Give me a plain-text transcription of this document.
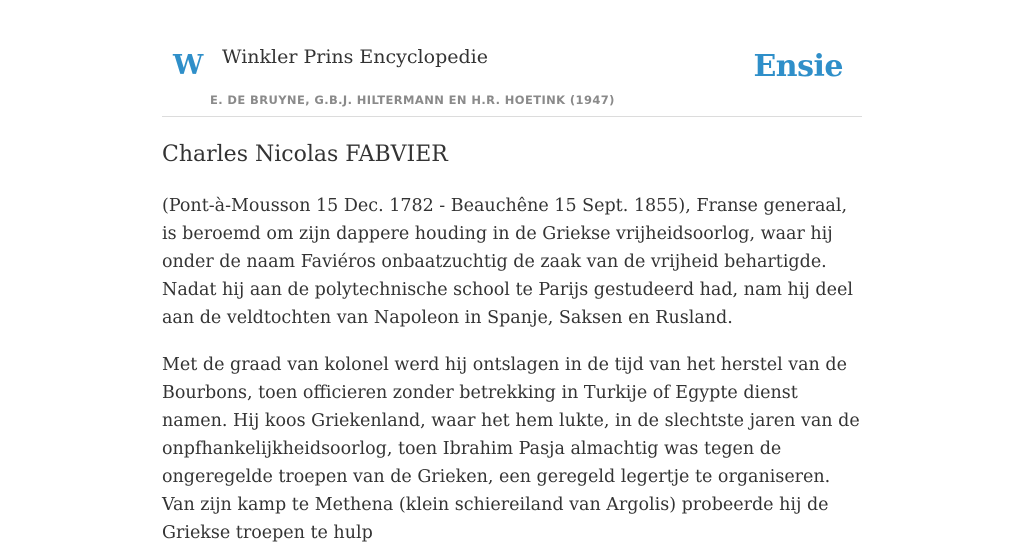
W Winkler Prins Encyclopedie
E. DE BRUYNE, G.B.J. HILTERMANN EN H.R. HOETINK (1947)
Ensie
Charles Nicolas FABVIER

(Pont-à-Mousson 15 Dec. 1782 - Beauchêne 15 Sept. 1855), Franse generaal, is beroemd om zijn dappere houding in de Griekse vrijheidsoorlog, waar hij onder de naam Faviéros onbaatzuchtig de zaak van de vrijheid behartigde. Nadat hij aan de polytechnische school te Parijs gestudeerd had, nam hij deel aan de veldtochten van Napoleon in Spanje, Saksen en Rusland.

Met de graad van kolonel werd hij ontslagen in de tijd van het herstel van de Bourbons, toen officieren zonder betrekking in Turkije of Egypte dienst namen. Hij koos Griekenland, waar het hem lukte, in de slechtste jaren van de onpfhankelijkheidsoorlog, toen Ibrahim Pasja almachtig was tegen de ongeregelde troepen van de Grieken, een geregeld legertje te organiseren. Van zijn kamp te Methena (klein schiereiland van Argolis) probeerde hij de Griekse troepen te hulp
